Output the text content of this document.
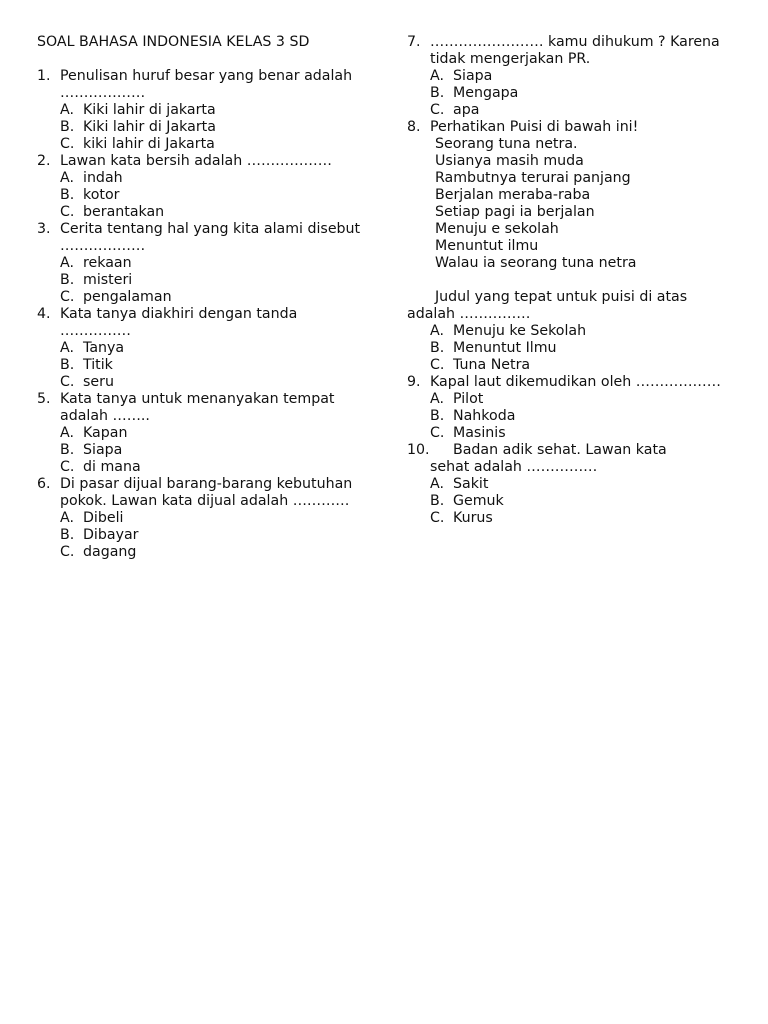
SOAL BAHASA INDONESIA KELAS 3 SD
1. Penulisan huruf besar yang benar adalah ………………
A. Kiki lahir di jakarta
B. Kiki lahir di Jakarta
C. kiki lahir di Jakarta
2. Lawan kata bersih adalah ………………
A. indah
B. kotor
C. berantakan
3. Cerita tentang hal yang kita alami disebut ………………
A. rekaan
B. misteri
C. pengalaman
4. Kata tanya diakhiri dengan tanda ……………
A. Tanya
B. Titik
C. seru
5. Kata tanya untuk menanyakan tempat adalah ……..
A. Kapan
B. Siapa
C. di mana
6. Di pasar dijual barang-barang kebutuhan pokok. Lawan kata dijual adalah …………
A. Dibeli
B. Dibayar
C. dagang
7. …………………… kamu dihukum ? Karena tidak mengerjakan PR.
A. Siapa
B. Mengapa
C. apa
8. Perhatikan Puisi di bawah ini!
Seorang tuna netra.
Usianya masih muda
Rambutnya terurai panjang
Berjalan meraba-raba
Setiap pagi ia berjalan
Menuju e sekolah
Menuntut ilmu
Walau ia seorang tuna netra
Judul yang tepat untuk puisi di atas
adalah ……………
A. Menuju ke Sekolah
B. Menuntut Ilmu
C. Tuna Netra
9. Kapal laut dikemudikan oleh ………………
A. Pilot
B. Nahkoda
C. Masinis
10.	Badan adik sehat. Lawan kata
sehat adalah ……………
A. Sakit
B. Gemuk
C. Kurus
